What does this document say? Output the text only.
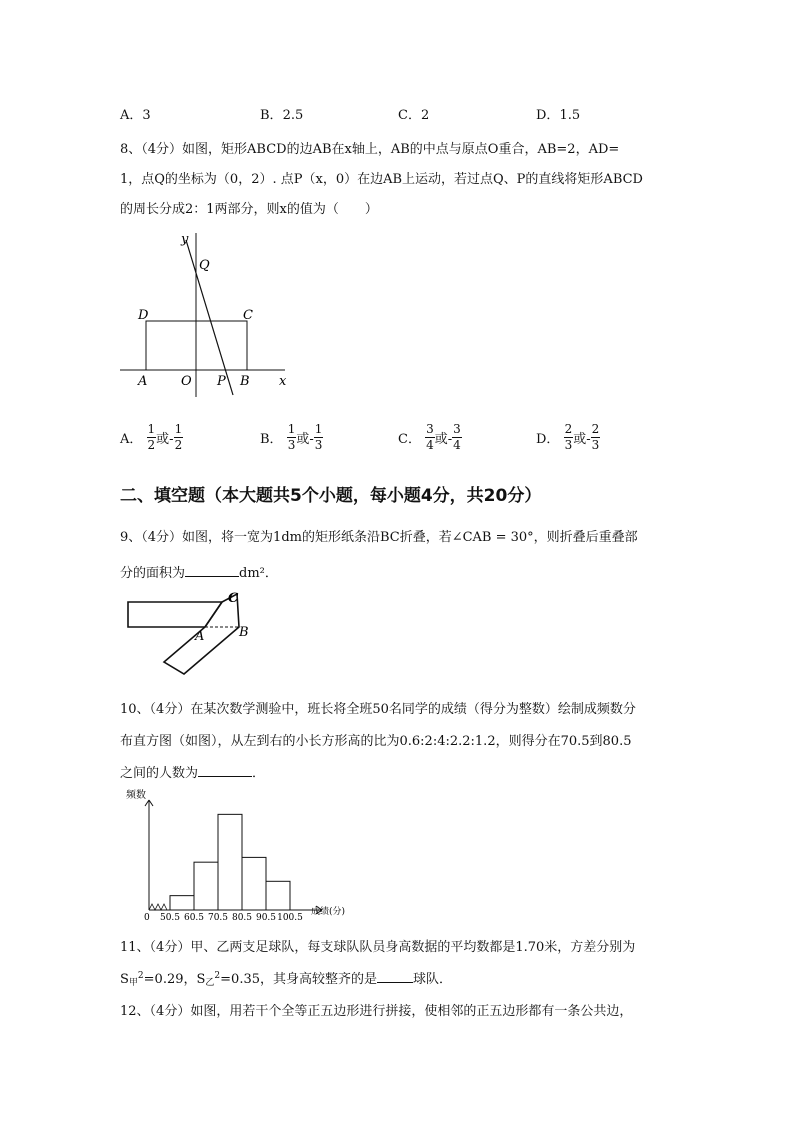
A．3	B．2.5	C．2	D．1.5
8、（4分）如图，矩形ABCD的边AB在x轴上，AB的中点与原点O重合，AB=2，AD=
1，点Q的坐标为（0，2）. 点P（x，0）在边AB上运动，若过点Q、P的直线将矩形ABCD
的周长分成2：1两部分，则x的值为（　　）
y
Q
D	C
A	O P B x
A． $\frac{1}{2}$ 或- $\frac{1}{2}$	B． $\frac{1}{3}$ 或- $\frac{1}{3}$	C． $\frac{3}{4}$ 或- $\frac{3}{4}$	D． $\frac{2}{3}$ 或- $\frac{2}{3}$
二、填空题（本大题共5个小题，每小题4分，共20分）
9、（4分）如图，将一宽为1dm的矩形纸条沿BC折叠，若∠CAB = 30°，则折叠后重叠部
分的面积为	dm²．
C
A	B
10、（4分）在某次数学测验中，班长将全班50名同学的成绩（得分为整数）绘制成频数分
布直方图（如图），从左到右的小长方形高的比为0.6:2:4:2.2:1.2，则得分在70.5到80.5
之间的人数为	．
频数
0
成绩(分)
50.5 60.5 70.5 80.5 90.5 100.5
11、（4分）甲、乙两支足球队，每支球队队员身高数据的平均数都是1.70米，方差分别为
$S_甲^2=0.29$，$S_乙^2=0.35$，其身高较整齐的是	球队．
12、（4分）如图，用若干个全等正五边形进行拼接，使相邻的正五边形都有一条公共边，
